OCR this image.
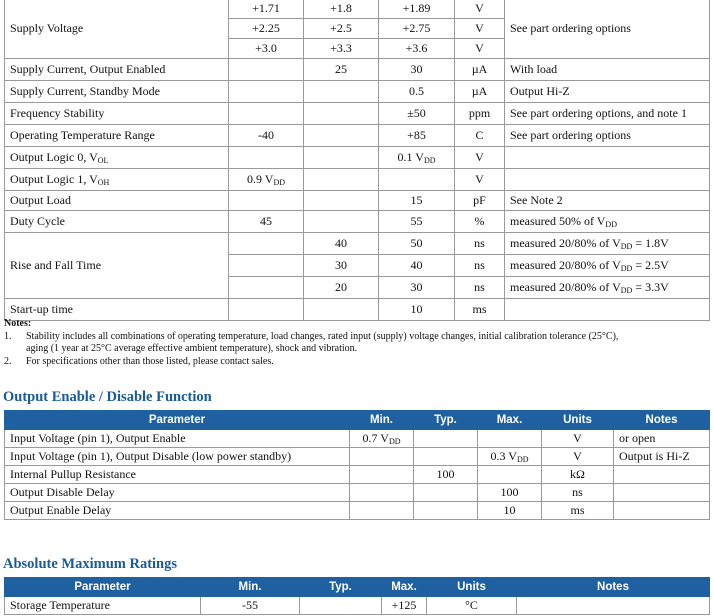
Supply Voltage	+1.71	+1.8	+1.89	V	See part ordering options
	+2.25	+2.5	+2.75	V	
	+3.0	+3.3	+3.6	V	
Supply Current, Output Enabled		25	30	µA	With load
Supply Current, Standby Mode			0.5	µA	Output Hi-Z
Frequency Stability			±50	ppm	See part ordering options, and note 1
Operating Temperature Range	-40		+85	C	See part ordering options
Output Logic 0, $V_{OL}$			0.1 $V_{DD}$	V	
Output Logic 1, $V_{OH}$	0.9 $V_{DD}$			V	
Output Load			15	pF	See Note 2
Duty Cycle	45		55	%	measured 50% of $V_{DD}$
Rise and Fall Time		40	50	ns	measured 20/80% of $V_{DD} = 1.8V$
		30	40	ns	measured 20/80% of $V_{DD} = 2.5V$
		20	30	ns	measured 20/80% of $V_{DD} = 3.3V$
Start-up time			10	ms	
Notes:
1. Stability includes all combinations of operating temperature, load changes, rated input (supply) voltage changes, initial calibration tolerance (25°C),
aging (1 year at 25°C average effective ambient temperature), shock and vibration.
2. For specifications other than those listed, please contact sales.
Output Enable / Disable Function
Parameter	Min.	Typ.	Max.	Units	Notes
Input Voltage (pin 1), Output Enable	0.7 $V_{DD}$			V	or open
Input Voltage (pin 1), Output Disable (low power standby)			0.3 $V_{DD}$	V	Output is Hi-Z
Internal Pullup Resistance		100		kΩ	
Output Disable Delay			100	ns	
Output Enable Delay			10	ms	
Absolute Maximum Ratings
Parameter	Min.	Typ.	Max.	Units	Notes
Storage Temperature	-55		+125	°C	
